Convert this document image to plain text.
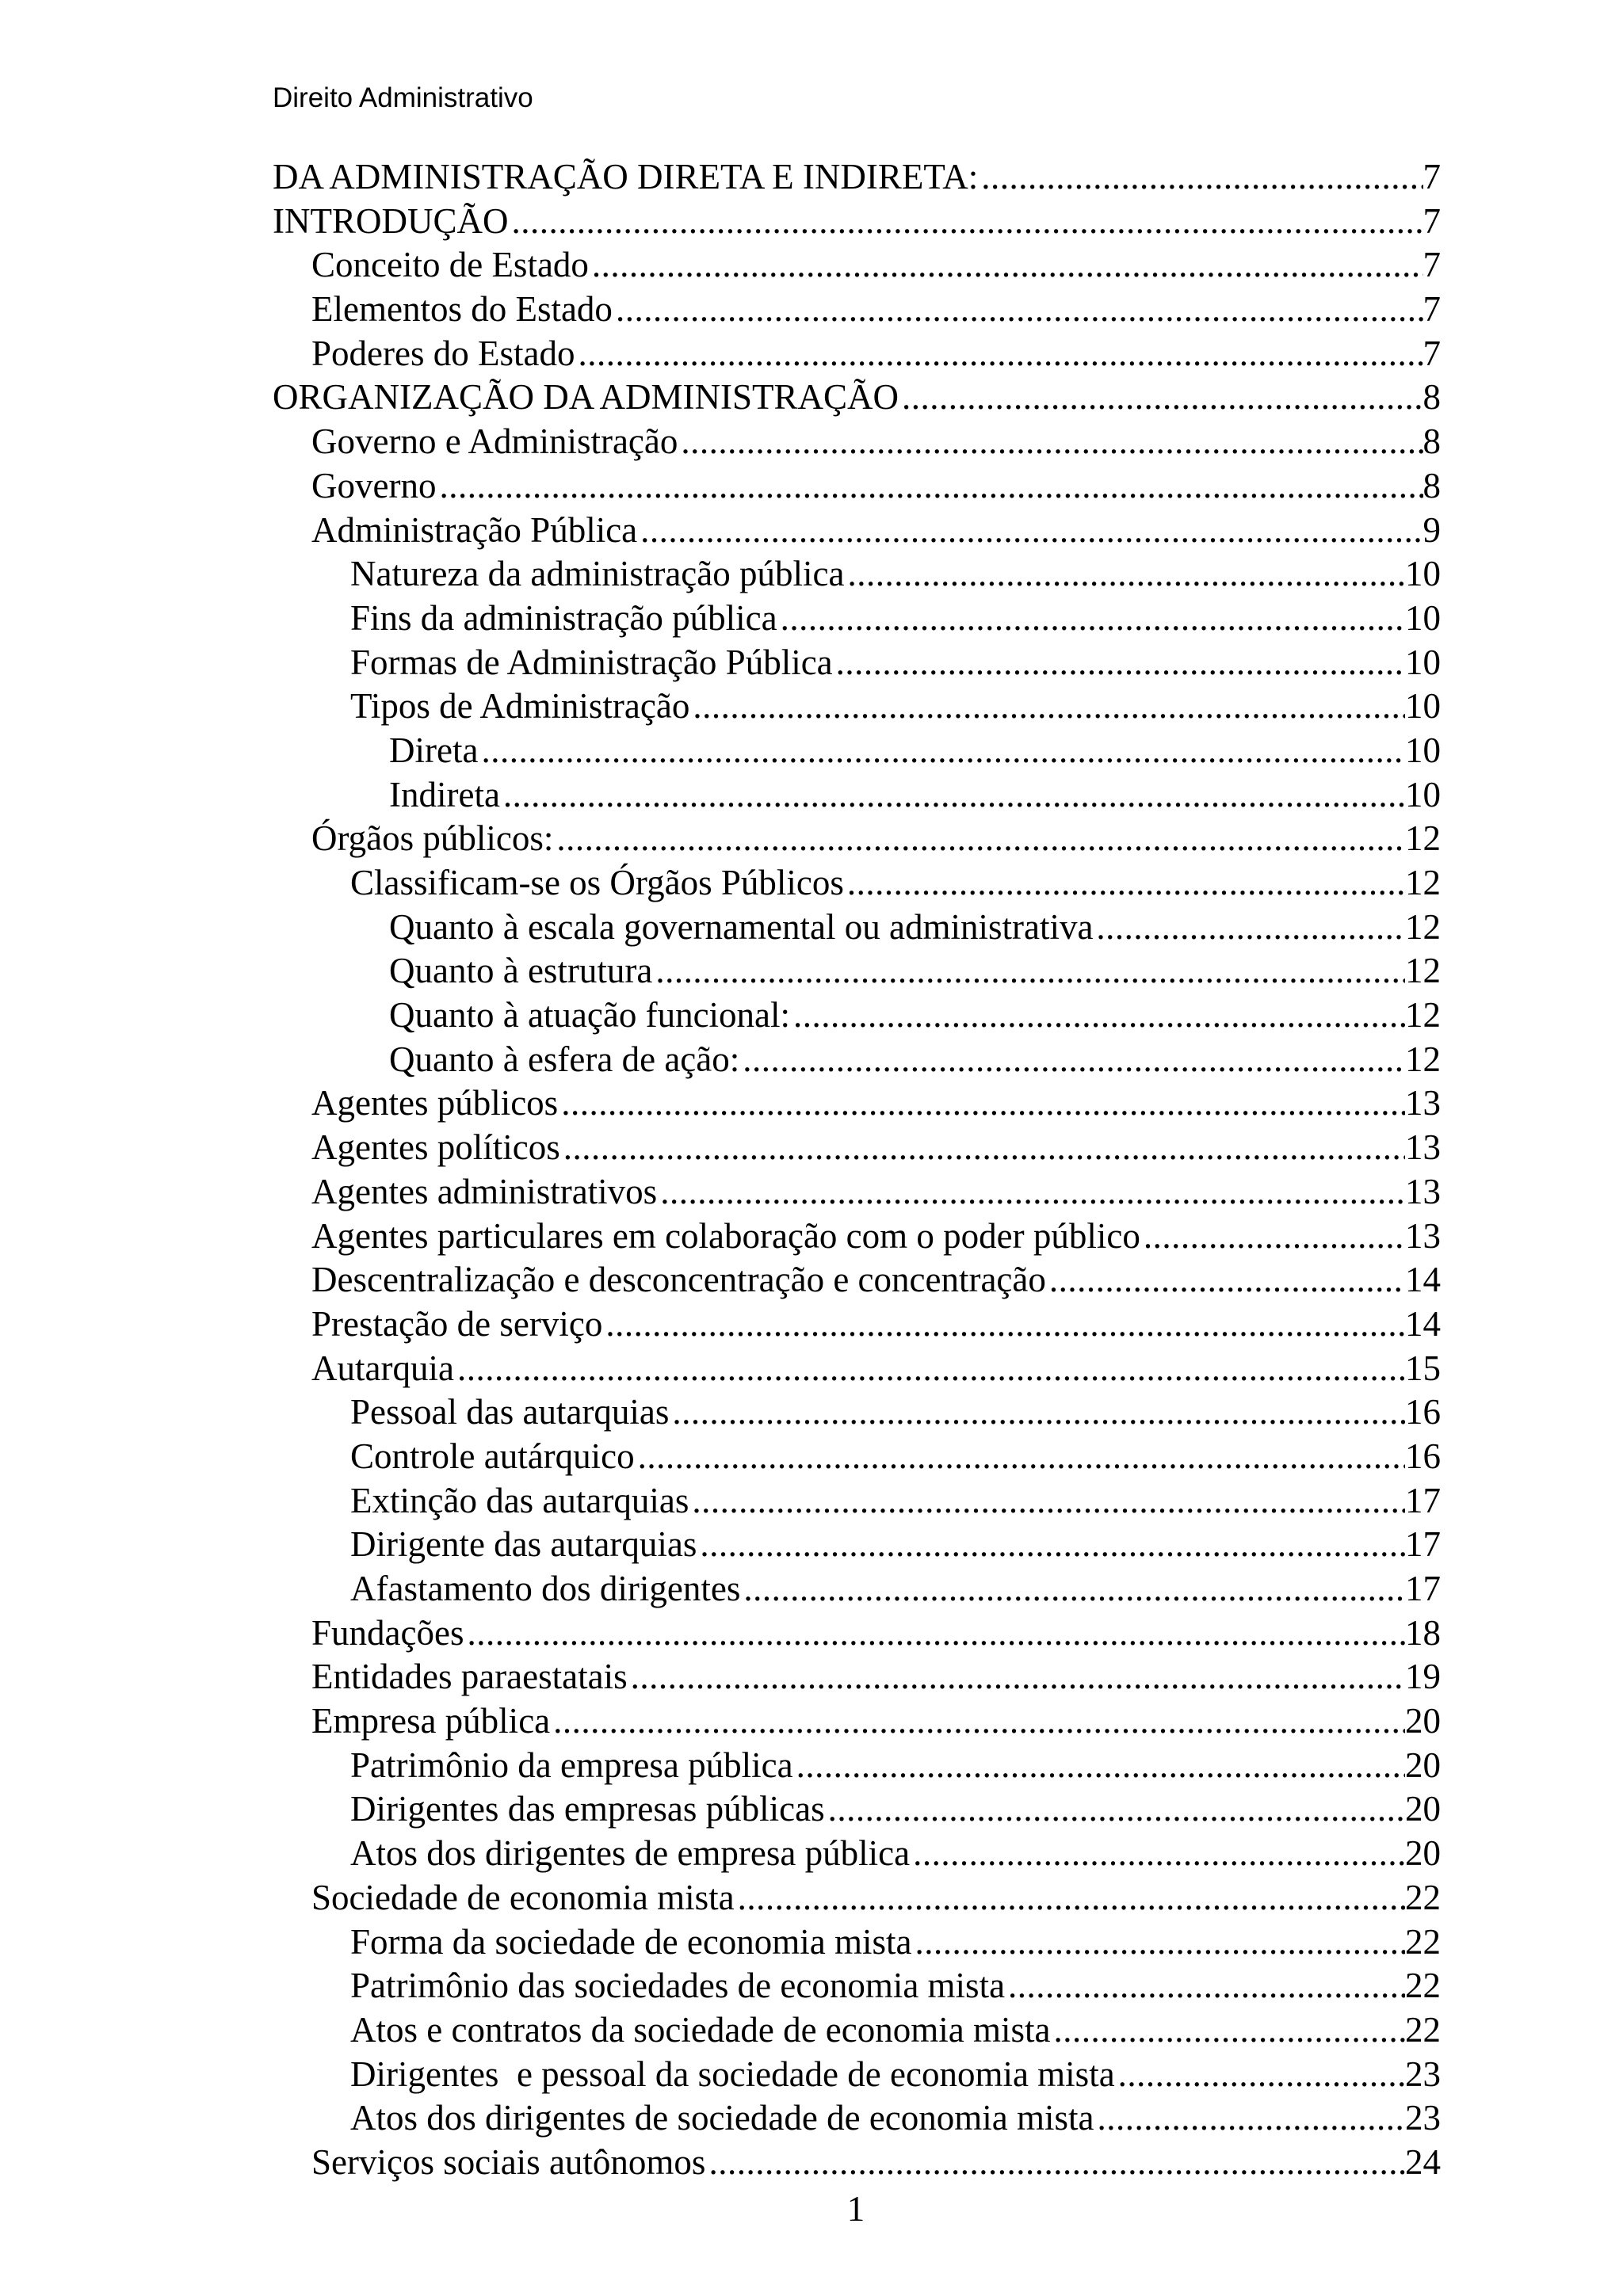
Direito Administrativo
DA ADMINISTRAÇÃO DIRETA E INDIRETA: .....	7
INTRODUÇÃO .....	7
Conceito de Estado .....	7
Elementos do Estado .....	7
Poderes do Estado .....	7
ORGANIZAÇÃO DA ADMINISTRAÇÃO .....	8
Governo e Administração .....	8
Governo .....	8
Administração Pública .....	9
Natureza da administração pública .....	10
Fins da administração pública .....	10
Formas de Administração Pública .....	10
Tipos de Administração .....	10
Direta .....	10
Indireta .....	10
Órgãos públicos: .....	12
Classificam-se os Órgãos Públicos .....	12
Quanto à escala governamental ou administrativa .....	12
Quanto à estrutura .....	12
Quanto à atuação funcional: .....	12
Quanto à esfera de ação: .....	12
Agentes públicos .....	13
Agentes políticos .....	13
Agentes administrativos .....	13
Agentes particulares em colaboração com o poder público .....	13
Descentralização e desconcentração e concentração .....	14
Prestação de serviço .....	14
Autarquia .....	15
Pessoal das autarquias .....	16
Controle autárquico .....	16
Extinção das autarquias .....	17
Dirigente das autarquias .....	17
Afastamento dos dirigentes .....	17
Fundações .....	18
Entidades paraestatais .....	19
Empresa pública .....	20
Patrimônio da empresa pública .....	20
Dirigentes das empresas públicas .....	20
Atos dos dirigentes de empresa pública .....	20
Sociedade de economia mista .....	22
Forma da sociedade de economia mista .....	22
Patrimônio das sociedades de economia mista .....	22
Atos e contratos da sociedade de economia mista .....	22
Dirigentes  e pessoal da sociedade de economia mista .....	23
Atos dos dirigentes de sociedade de economia mista .....	23
Serviços sociais autônomos .....	24
1
